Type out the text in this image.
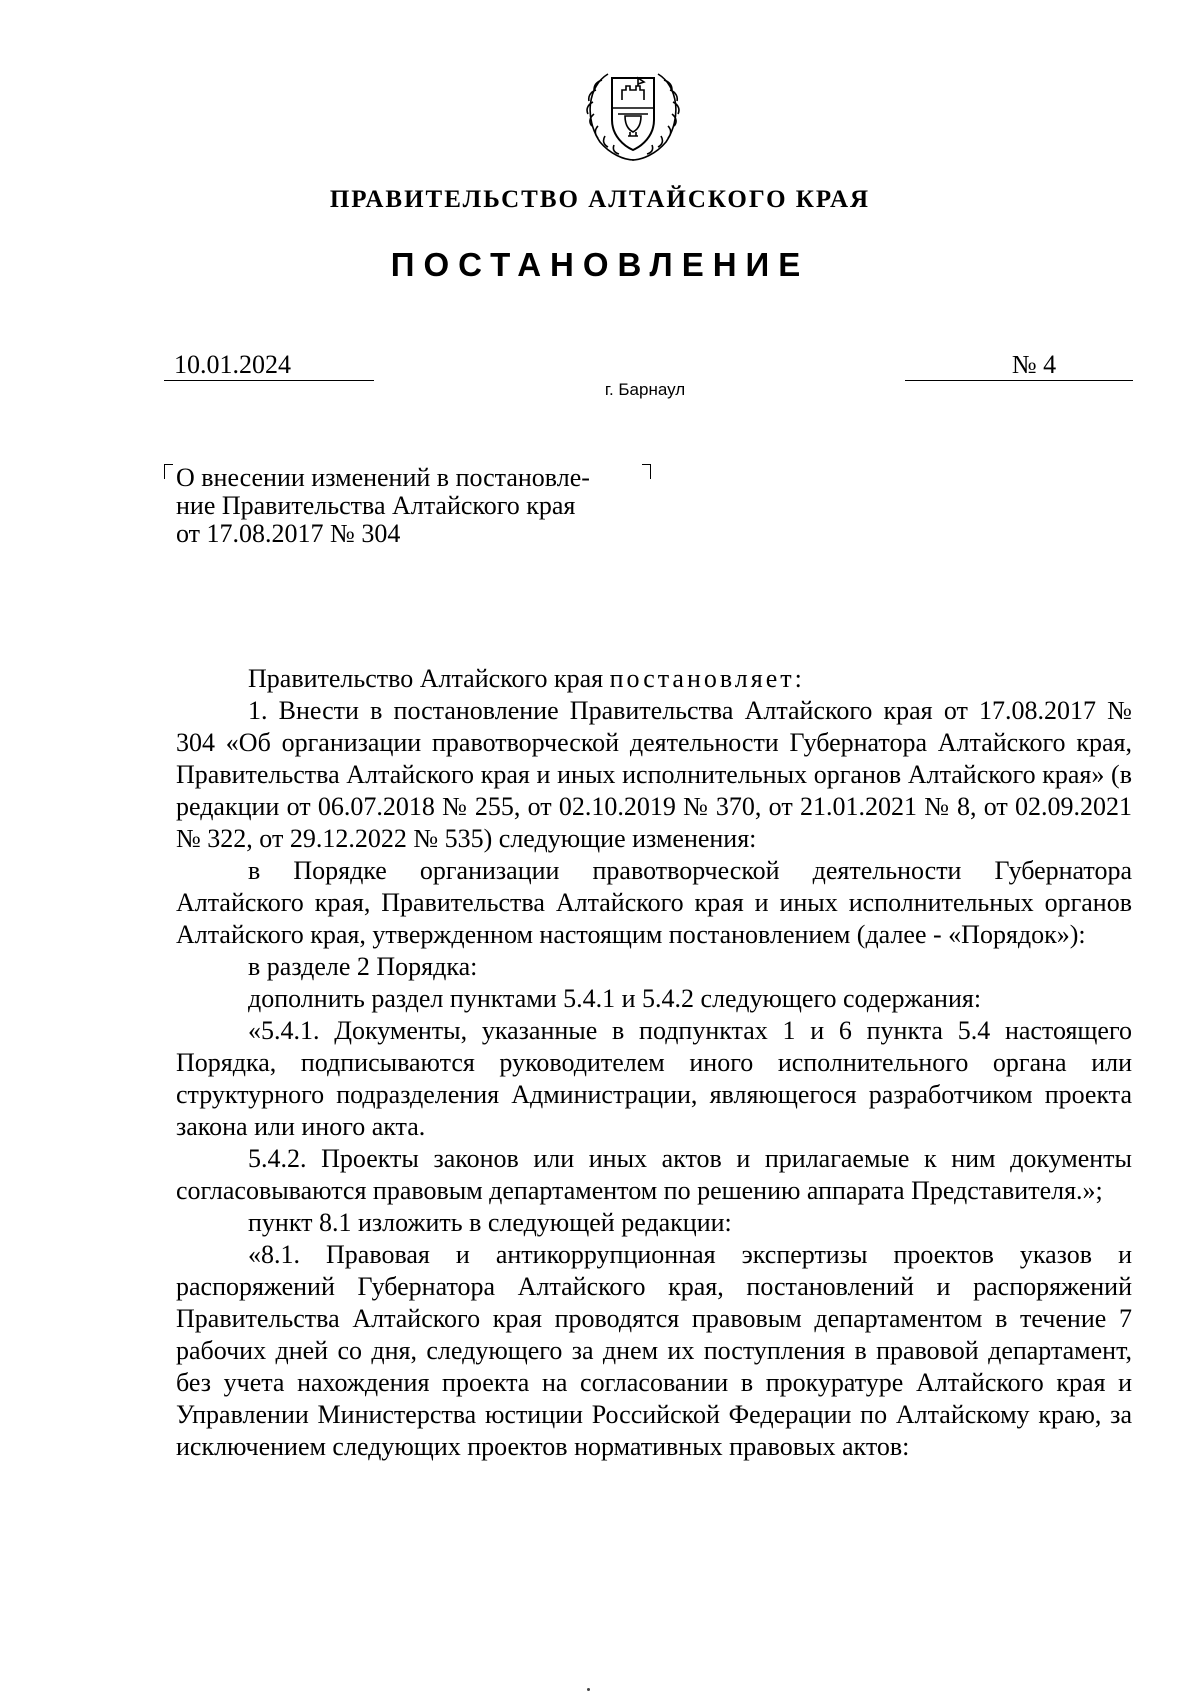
ПРАВИТЕЛЬСТВО АЛТАЙСКОГО КРАЯ
ПОСТАНОВЛЕНИЕ
10.01.2024	№ 4
г. Барнаул
О внесении изменений в постановле-
ние Правительства Алтайского края
от 17.08.2017 № 304

Правительство Алтайского края постановляет:

1. Внести в постановление Правительства Алтайского края от 17.08.2017 № 304 «Об организации правотворческой деятельности Губернатора Алтайского края, Правительства Алтайского края и иных исполнительных органов Алтайского края» (в редакции от 06.07.2018 № 255, от 02.10.2019 № 370, от 21.01.2021 № 8, от 02.09.2021 № 322, от 29.12.2022 № 535) следующие изменения:

в Порядке организации правотворческой деятельности Губернатора Алтайского края, Правительства Алтайского края и иных исполнительных органов Алтайского края, утвержденном настоящим постановлением (далее - «Порядок»):

в разделе 2 Порядка:

дополнить раздел пунктами 5.4.1 и 5.4.2 следующего содержания:

«5.4.1. Документы, указанные в подпунктах 1 и 6 пункта 5.4 настоящего Порядка, подписываются руководителем иного исполнительного органа или структурного подразделения Администрации, являющегося разработчиком проекта закона или иного акта.

5.4.2. Проекты законов или иных актов и прилагаемые к ним документы согласовываются правовым департаментом по решению аппарата Представителя.»;

пункт 8.1 изложить в следующей редакции:

«8.1. Правовая и антикоррупционная экспертизы проектов указов и распоряжений Губернатора Алтайского края, постановлений и распоряжений Правительства Алтайского края проводятся правовым департаментом в течение 7 рабочих дней со дня, следующего за днем их поступления в правовой департамент, без учета нахождения проекта на согласовании в прокуратуре Алтайского края и Управлении Министерства юстиции Российской Федерации по Алтайскому краю, за исключением следующих проектов нормативных правовых актов:
